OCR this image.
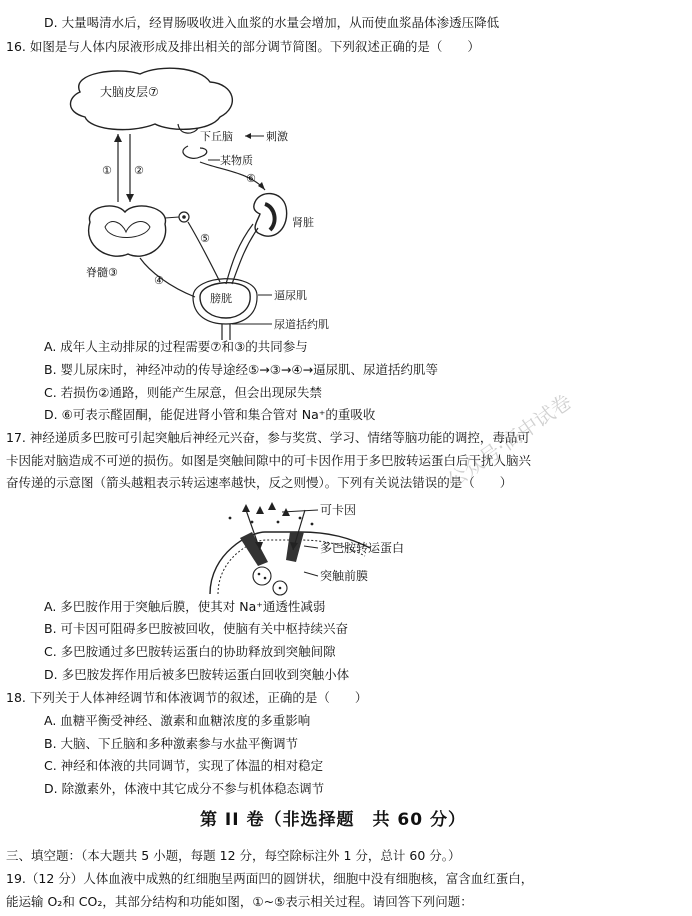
D. 大量喝清水后，经胃肠吸收进入血浆的水量会增加，从而使血浆晶体渗透压降低
16. 如图是与人体内尿液形成及排出相关的部分调节简图。下列叙述正确的是（　　）
大脑皮层⑦
下丘脑	刺激
某物质
⑥
肾脏
① ②
脊髓③
⑤
④
膀胱	逼尿肌
尿道括约肌
A. 成年人主动排尿的过程需要⑦和③的共同参与
B. 婴儿尿床时，神经冲动的传导途经⑤→③→④→逼尿肌、尿道括约肌等
C. 若损伤②通路，则能产生尿意，但会出现尿失禁
D. ⑥可表示醛固酮，能促进肾小管和集合管对 Na⁺的重吸收
17. 神经递质多巴胺可引起突触后神经元兴奋，参与奖赏、学习、情绪等脑功能的调控，毒品可
卡因能对脑造成不可逆的损伤。如图是突触间隙中的可卡因作用于多巴胺转运蛋白后干扰人脑兴
奋传递的示意图（箭头越粗表示转运速率越快，反之则慢）。下列有关说法错误的是（　　）
可卡因
多巴胺转运蛋白
突触前膜
A. 多巴胺作用于突触后膜，使其对 Na⁺通透性减弱
B. 可卡因可阻碍多巴胺被回收，使脑有关中枢持续兴奋
C. 多巴胺通过多巴胺转运蛋白的协助释放到突触间隙
D. 多巴胺发挥作用后被多巴胺转运蛋白回收到突触小体
18. 下列关于人体神经调节和体液调节的叙述，正确的是（　　）
A. 血糖平衡受神经、激素和血糖浓度的多重影响
B. 大脑、下丘脑和多种激素参与水盐平衡调节
C. 神经和体液的共同调节，实现了体温的相对稳定
D. 除激素外，体液中其它成分不参与机体稳态调节
第 II 卷（非选择题　共 60 分）
三、填空题：（本大题共 5 小题，每题 12 分，每空除标注外 1 分，总计 60 分。）
19.（12 分）人体血液中成熟的红细胞呈两面凹的圆饼状，细胞中没有细胞核，富含血红蛋白，
能运输 O₂和 CO₂，其部分结构和功能如图，①~⑤表示相关过程。请回答下列问题：
公众号·高中试卷
